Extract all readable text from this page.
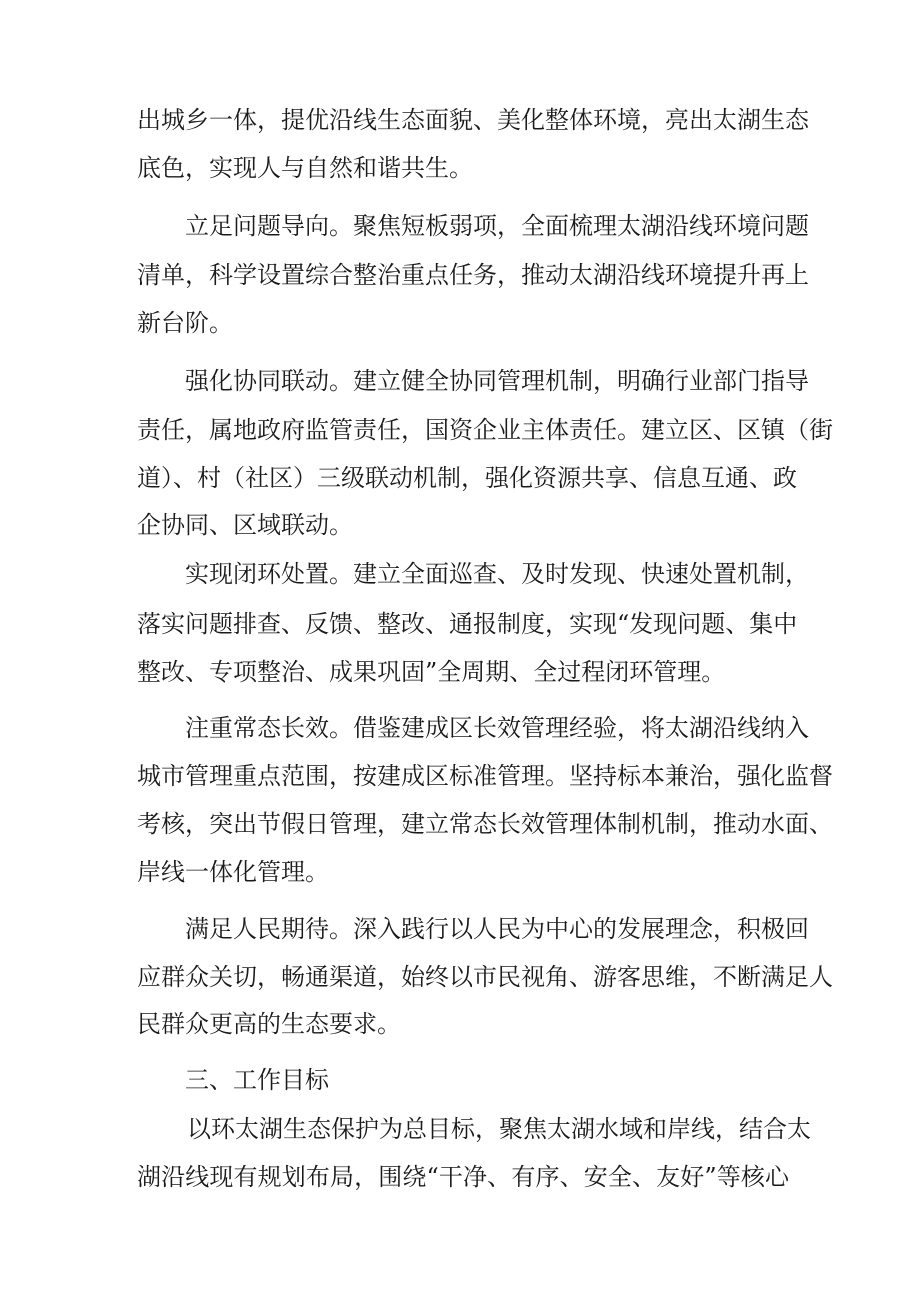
出城乡一体，提优沿线生态面貌、美化整体环境，亮出太湖生态
底色，实现人与自然和谐共生。
立足问题导向。聚焦短板弱项，全面梳理太湖沿线环境问题
清单，科学设置综合整治重点任务，推动太湖沿线环境提升再上
新台阶。
强化协同联动。建立健全协同管理机制，明确行业部门指导
责任，属地政府监管责任，国资企业主体责任。建立区、区镇（街
道）、村（社区）三级联动机制，强化资源共享、信息互通、政
企协同、区域联动。
实现闭环处置。建立全面巡查、及时发现、快速处置机制，
落实问题排查、反馈、整改、通报制度，实现“发现问题、集中
整改、专项整治、成果巩固”全周期、全过程闭环管理。
注重常态长效。借鉴建成区长效管理经验，将太湖沿线纳入
城市管理重点范围，按建成区标准管理。坚持标本兼治，强化监督
考核，突出节假日管理，建立常态长效管理体制机制，推动水面、
岸线一体化管理。
满足人民期待。深入践行以人民为中心的发展理念，积极回
应群众关切，畅通渠道，始终以市民视角、游客思维，不断满足人
民群众更高的生态要求。
三、工作目标
以环太湖生态保护为总目标，聚焦太湖水域和岸线，结合太
湖沿线现有规划布局，围绕“干净、有序、安全、友好”等核心
